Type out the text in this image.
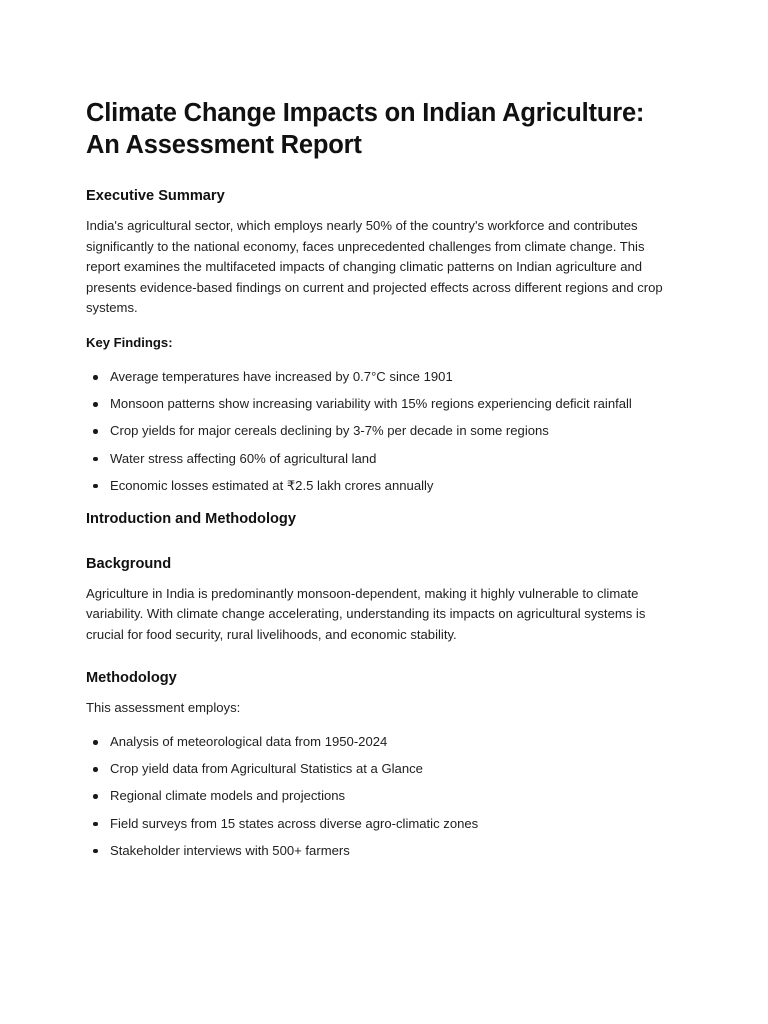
Climate Change Impacts on Indian Agriculture: An Assessment Report
Executive Summary

India's agricultural sector, which employs nearly 50% of the country's workforce and contributes significantly to the national economy, faces unprecedented challenges from climate change. This report examines the multifaceted impacts of changing climatic patterns on Indian agriculture and presents evidence-based findings on current and projected effects across different regions and crop systems.

Key Findings:
Average temperatures have increased by 0.7°C since 1901
Monsoon patterns show increasing variability with 15% regions experiencing deficit rainfall
Crop yields for major cereals declining by 3-7% per decade in some regions
Water stress affecting 60% of agricultural land
Economic losses estimated at ₹2.5 lakh crores annually
Introduction and Methodology
Background

Agriculture in India is predominantly monsoon-dependent, making it highly vulnerable to climate variability. With climate change accelerating, understanding its impacts on agricultural systems is crucial for food security, rural livelihoods, and economic stability.

Methodology

This assessment employs:

Analysis of meteorological data from 1950-2024
Crop yield data from Agricultural Statistics at a Glance
Regional climate models and projections
Field surveys from 15 states across diverse agro-climatic zones
Stakeholder interviews with 500+ farmers
